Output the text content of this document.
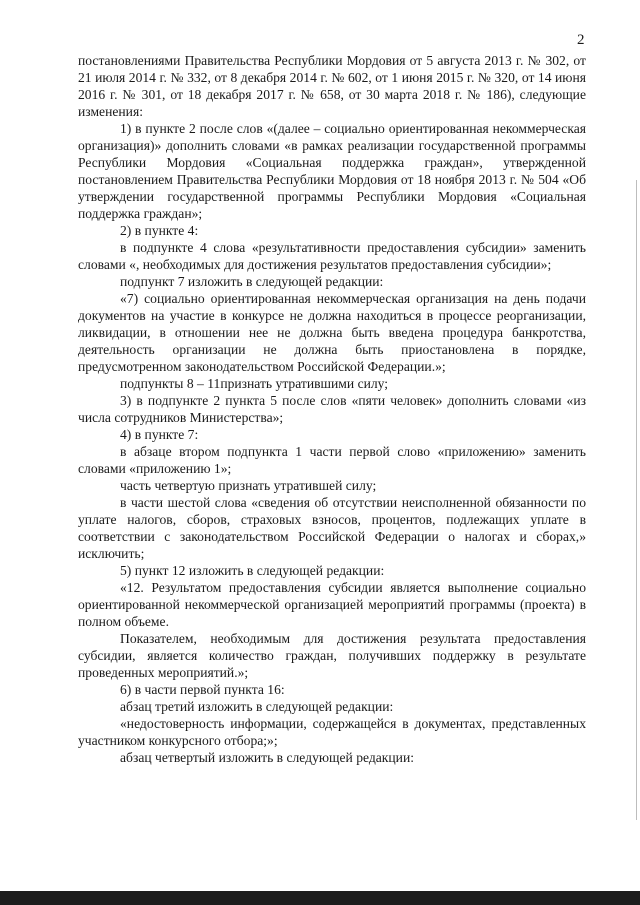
2

постановлениями Правительства Республики Мордовия от 5 августа 2013 г. № 302, от 21 июля 2014 г. № 332, от 8 декабря 2014 г. № 602, от 1 июня 2015 г. № 320, от 14 июня 2016 г. № 301, от 18 декабря 2017 г. № 658, от 30 марта 2018 г. № 186), следующие изменения:

1) в пункте 2 после слов «(далее – социально ориентированная некоммерческая организация)» дополнить словами «в рамках реализации государственной программы Республики Мордовия «Социальная поддержка граждан», утвержденной постановлением Правительства Республики Мордовия от 18 ноября 2013 г. № 504 «Об утверждении государственной программы Республики Мордовия «Социальная поддержка граждан»;

2) в пункте 4:

в подпункте 4 слова «результативности предоставления субсидии» заменить словами «, необходимых для достижения результатов предоставления субсидии»;

подпункт 7 изложить в следующей редакции:

«7) социально ориентированная некоммерческая организация на день подачи документов на участие в конкурсе не должна находиться в процессе реорганизации, ликвидации, в отношении нее не должна быть введена процедура банкротства, деятельность организации не должна быть приостановлена в порядке, предусмотренном законодательством Российской Федерации.»;

подпункты 8 – 11признать утратившими силу;

3) в подпункте 2 пункта 5 после слов «пяти человек» дополнить словами «из числа сотрудников Министерства»;

4) в пункте 7:

в абзаце втором подпункта 1 части первой слово «приложению» заменить словами «приложению 1»;

часть четвертую признать утратившей силу;

в части шестой слова «сведения об отсутствии неисполненной обязанности по уплате налогов, сборов, страховых взносов, процентов, подлежащих уплате в соответствии с законодательством Российской Федерации о налогах и сборах,» исключить;

5) пункт 12 изложить в следующей редакции:

«12. Результатом предоставления субсидии является выполнение социально ориентированной некоммерческой организацией мероприятий программы (проекта) в полном объеме.

Показателем, необходимым для достижения результата предоставления субсидии, является количество граждан, получивших поддержку в результате проведенных мероприятий.»;

6) в части первой пункта 16:

абзац третий изложить в следующей редакции:

«недостоверность информации, содержащейся в документах, представленных участником конкурсного отбора;»;

абзац четвертый изложить в следующей редакции:
